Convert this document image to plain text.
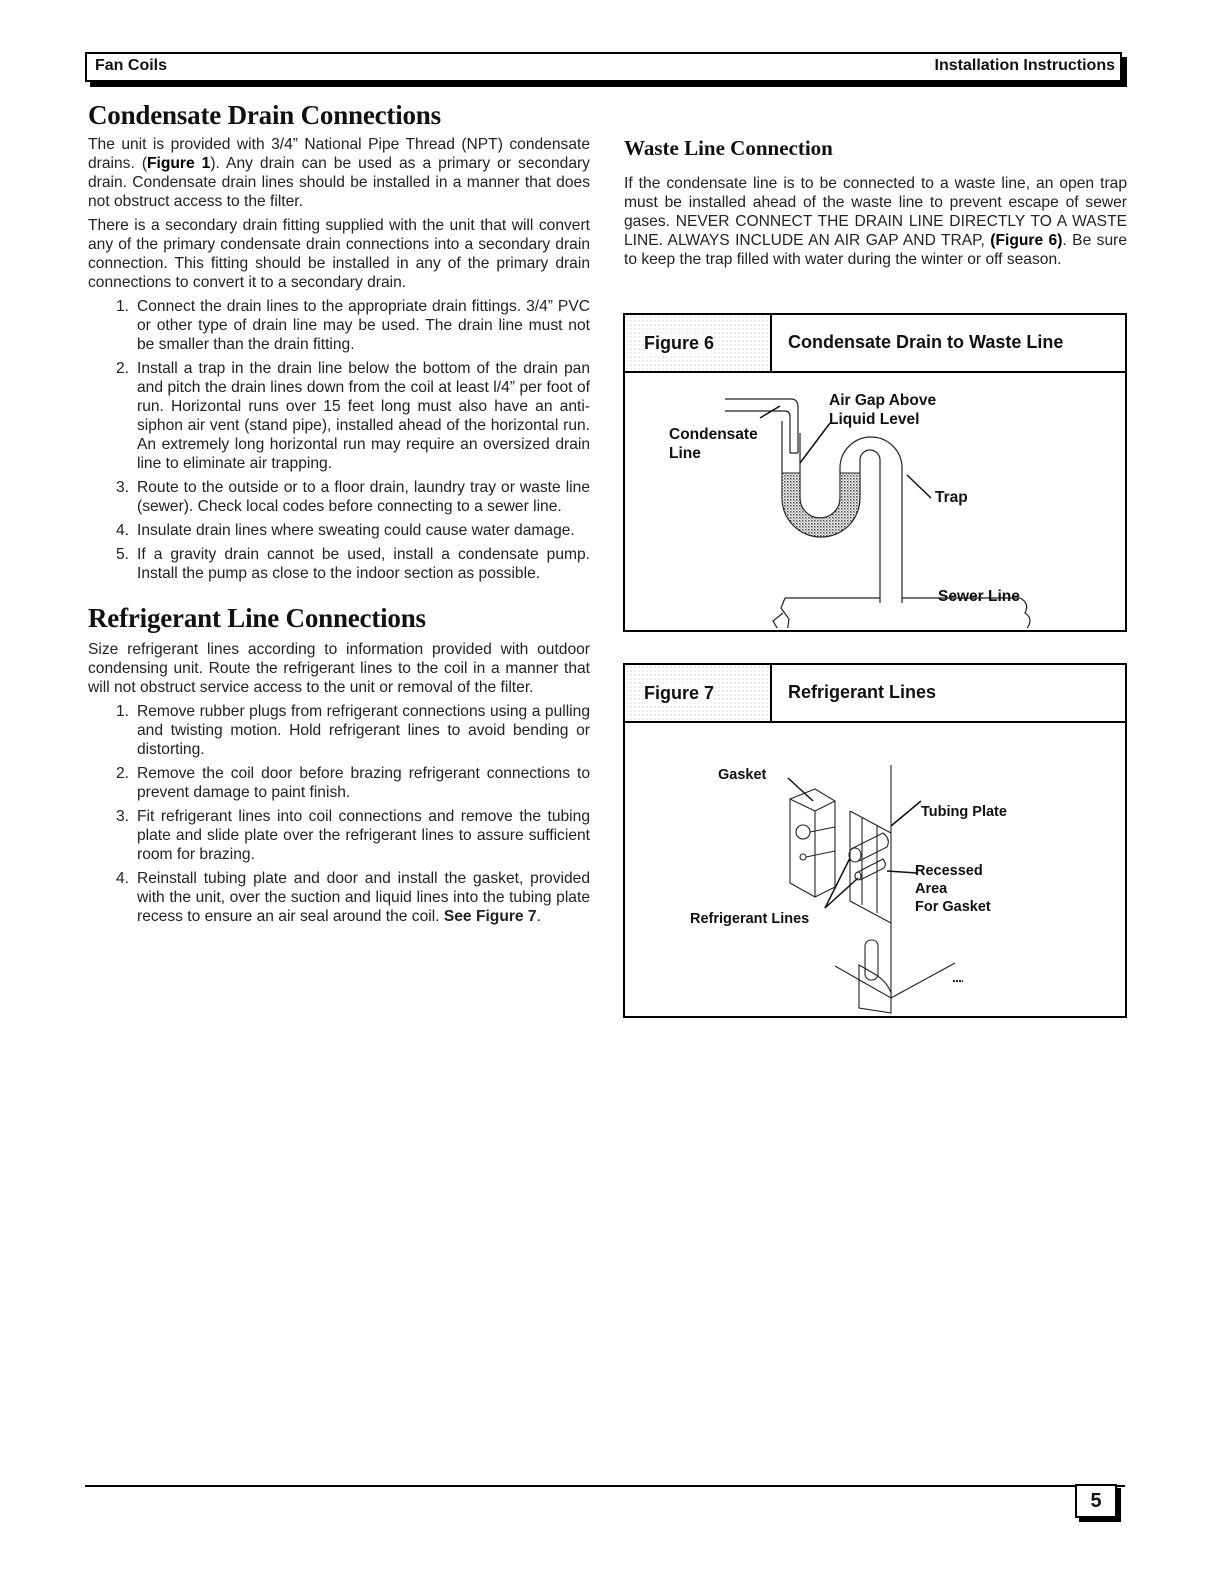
Fan Coils	Installation Instructions
Condensate Drain Connections

The unit is provided with 3/4” National Pipe Thread (NPT) condensate drains. (Figure 1). Any drain can be used as a primary or secondary drain. Condensate drain lines should be installed in a manner that does not obstruct access to the filter.

There is a secondary drain fitting supplied with the unit that will convert any of the primary condensate drain connections into a secondary drain connection. This fitting should be installed in any of the primary drain connections to convert it to a secondary drain.

1. Connect the drain lines to the appropriate drain fittings. 3/4” PVC or other type of drain line may be used. The drain line must not be smaller than the drain fitting.
2. Install a trap in the drain line below the bottom of the drain pan and pitch the drain lines down from the coil at least l/4” per foot of run. Horizontal runs over 15 feet long must also have an anti-siphon air vent (stand pipe), installed ahead of the horizontal run. An extremely long horizontal run may require an oversized drain line to eliminate air trapping.
3. Route to the outside or to a floor drain, laundry tray or waste line (sewer). Check local codes before connecting to a sewer line.
4. Insulate drain lines where sweating could cause water damage.
5. If a gravity drain cannot be used, install a condensate pump. Install the pump as close to the indoor section as possible.
Refrigerant Line Connections

Size refrigerant lines according to information provided with outdoor condensing unit. Route the refrigerant lines to the coil in a manner that will not obstruct service access to the unit or removal of the filter.

1. Remove rubber plugs from refrigerant connections using a pulling and twisting motion. Hold refrigerant lines to avoid bending or distorting.
2. Remove the coil door before brazing refrigerant connections to prevent damage to paint finish.
3. Fit refrigerant lines into coil connections and remove the tubing plate and slide plate over the refrigerant lines to assure sufficient room for brazing.
4. Reinstall tubing plate and door and install the gasket, provided with the unit, over the suction and liquid lines into the tubing plate recess to ensure an air seal around the coil. See Figure 7.
Waste Line Connection

If the condensate line is to be connected to a waste line, an open trap must be installed ahead of the waste line to prevent escape of sewer gases. NEVER CONNECT THE DRAIN LINE DIRECTLY TO A WASTE LINE. ALWAYS INCLUDE AN AIR GAP AND TRAP, (Figure 6). Be sure to keep the trap filled with water during the winter or off season.

Figure 6	Condensate Drain to Waste Line
Air Gap Above
Liquid Level
Condensate
Line
Trap
Sewer Line
Figure 7	Refrigerant Lines
Gasket
Tubing Plate
Recessed
Area
For Gasket
Refrigerant Lines
5
